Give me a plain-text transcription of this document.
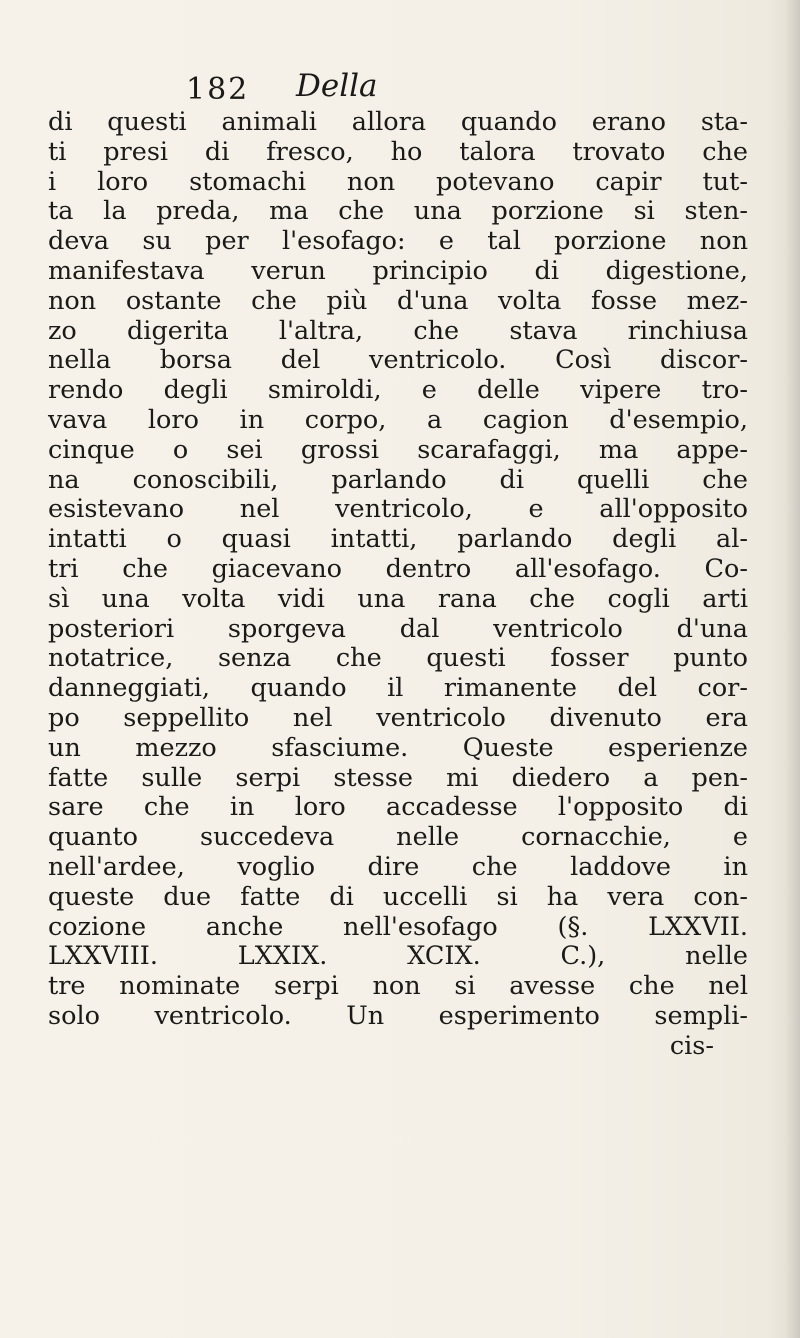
182 Della
di questi animali allora quando erano sta-
ti presi di fresco, ho talora trovato che
i loro stomachi non potevano capir tut-
ta la preda, ma che una porzione si sten-
deva su per l'esofago: e tal porzione non
manifestava verun principio di digestione,
non ostante che più d'una volta fosse mez-
zo digerita l'altra, che stava rinchiusa
nella borsa del ventricolo. Così discor-
rendo degli smiroldi, e delle vipere tro-
vava loro in corpo, a cagion d'esempio,
cinque o sei grossi scarafaggi, ma appe-
na conoscibili, parlando di quelli che
esistevano nel ventricolo, e all'opposito
intatti o quasi intatti, parlando degli al-
tri che giacevano dentro all'esofago. Co-
sì una volta vidi una rana che cogli arti
posteriori sporgeva dal ventricolo d'una
notatrice, senza che questi fosser punto
danneggiati, quando il rimanente del cor-
po seppellito nel ventricolo divenuto era
un mezzo sfasciume. Queste esperienze
fatte sulle serpi stesse mi diedero a pen-
sare che in loro accadesse l'opposito di
quanto succedeva nelle cornacchie, e
nell'ardee, voglio dire che laddove in
queste due fatte di uccelli si ha vera con-
cozione anche nell'esofago (§. LXXVII.
LXXVIII. LXXIX. XCIX. C.), nelle
tre nominate serpi non si avesse che nel
solo ventricolo. Un esperimento sempli-
cis-
